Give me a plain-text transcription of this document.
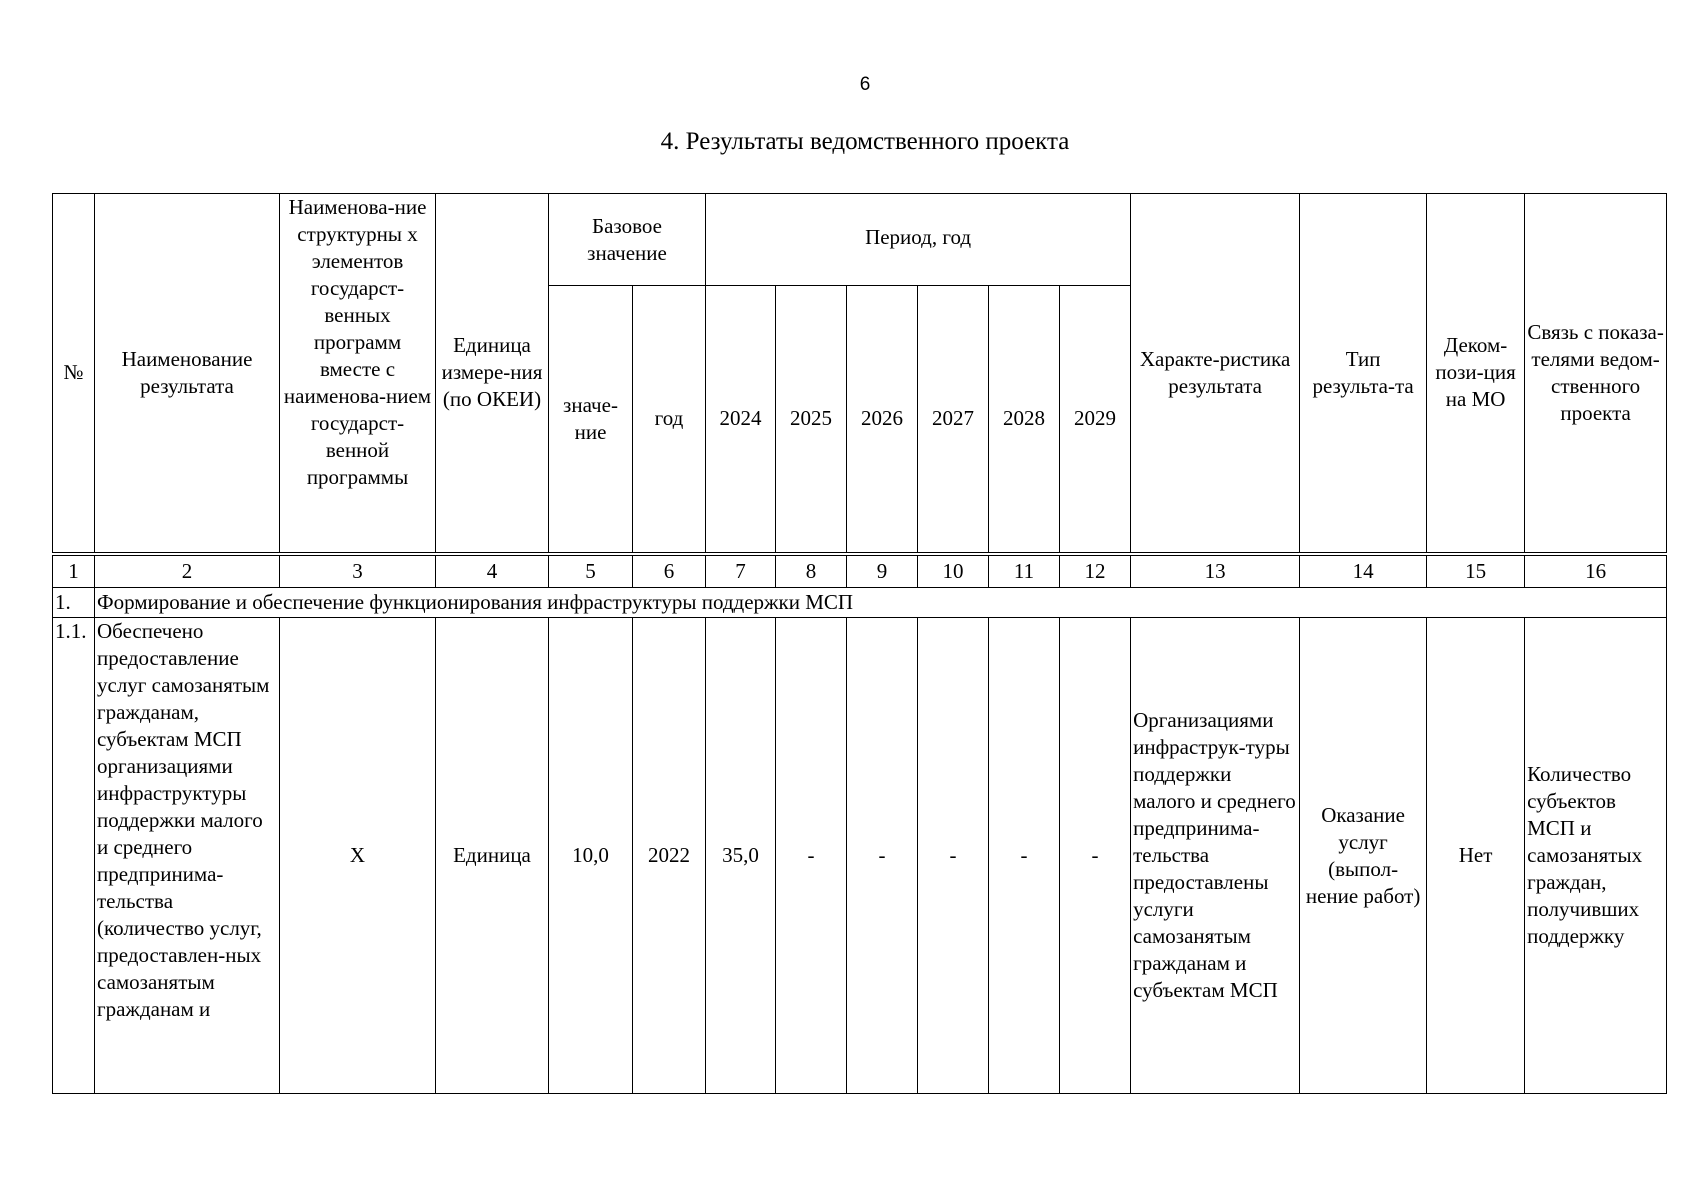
6
4. Результаты ведомственного проекта
№	Наименование результата	Наименова-ние структурны х элементов государст-венных программ вместе с наименова-нием государст-венной программы	Единица измере-ния (по ОКЕИ)	Базовое значение		Период, год						Характе-ристика результата	Тип результа-та	Деком-пози-ция на МО	Связь с показа-телями ведом-ственного проекта
				значе-ние	год	2024	2025	2026	2027	2028	2029				
1	2	3	4	5	6	7	8	9	10	11	12	13	14	15	16
1.	Формирование и обеспечение функционирования инфраструктуры поддержки МСП														
1.1.	Обеспечено предоставление услуг самозанятым гражданам, субъектам МСП организациями инфраструктуры поддержки малого и среднего предпринима-тельства (количество услуг, предоставлен-ных самозанятым гражданам и	X	Единица	10,0	2022	35,0	-	-	-	-	-	Организациями инфраструк-туры поддержки малого и среднего предпринима-тельства предоставлены услуги самозанятым гражданам и субъектам МСП	Оказание услуг (выпол-нение работ)	Нет	Количество субъектов МСП и самозанятых граждан, получивших поддержку
